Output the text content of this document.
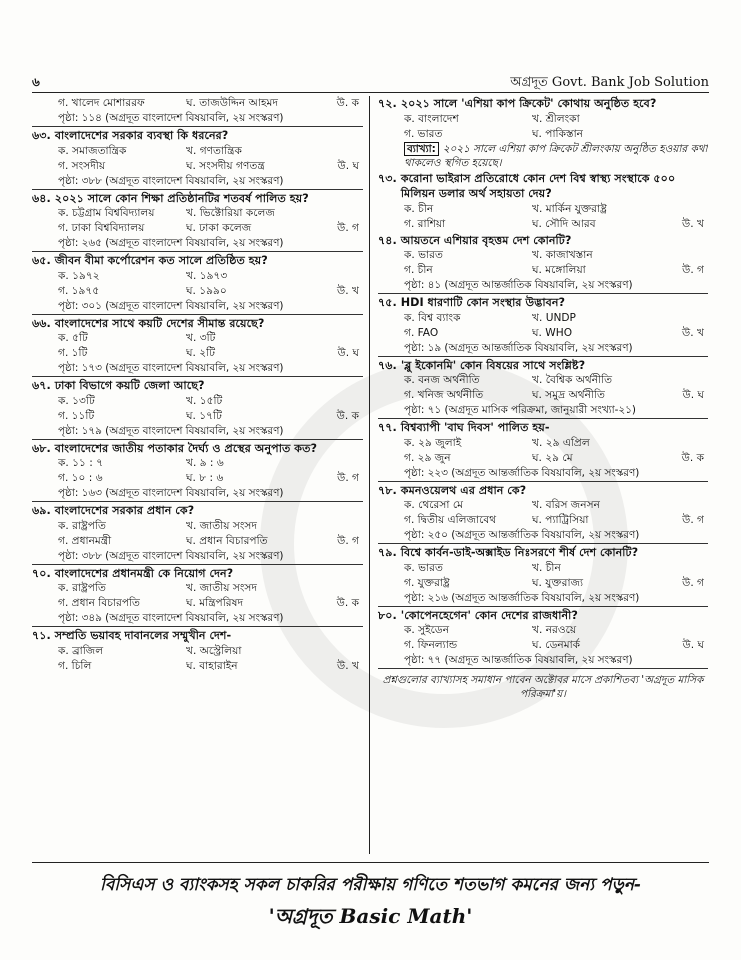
৬	অগ্রদূত Govt. Bank Job Solution
গ. খালেদ মোশাররফ	ঘ. তাজউদ্দিন আহমদ	উ. ক
পৃষ্ঠা: ১১৪ (অগ্রদূত বাংলাদেশ বিষয়াবলি, ২য় সংস্করণ)
৬৩. বাংলাদেশের সরকার ব্যবস্থা কি ধরনের?
ক. সমাজতান্ত্রিক	খ. গণতান্ত্রিক
গ. সংসদীয়	ঘ. সংসদীয় গণতন্ত্র	উ. ঘ
পৃষ্ঠা: ৩৮৮ (অগ্রদূত বাংলাদেশ বিষয়াবলি, ২য় সংস্করণ)
৬৪. ২০২১ সালে কোন শিক্ষা প্রতিষ্ঠানটির শতবর্ষ পালিত হয়?
ক. চট্টগ্রাম বিশ্ববিদ্যালয়	খ. ভিক্টোরিয়া কলেজ
গ. ঢাকা বিশ্ববিদ্যালয়	ঘ. ঢাকা কলেজ	উ. গ
পৃষ্ঠা: ২৬৫ (অগ্রদূত বাংলাদেশ বিষয়াবলি, ২য় সংস্করণ)
৬৫. জীবন বীমা কর্পোরেশন কত সালে প্রতিষ্ঠিত হয়?
ক. ১৯৭২	খ. ১৯৭৩
গ. ১৯৭৫	ঘ. ১৯৯০	উ. খ
পৃষ্ঠা: ৩০১ (অগ্রদূত বাংলাদেশ বিষয়াবলি, ২য় সংস্করণ)
৬৬. বাংলাদেশের সাথে কয়টি দেশের সীমান্ত রয়েছে?
ক. ৫টি	খ. ৩টি
গ. ১টি	ঘ. ২টি	উ. ঘ
পৃষ্ঠা: ১৭৩ (অগ্রদূত বাংলাদেশ বিষয়াবলি, ২য় সংস্করণ)
৬৭. ঢাকা বিভাগে কয়টি জেলা আছে?
ক. ১৩টি	খ. ১৫টি
গ. ১১টি	ঘ. ১৭টি	উ. ক
পৃষ্ঠা: ১৭৯ (অগ্রদূত বাংলাদেশ বিষয়াবলি, ২য় সংস্করণ)
৬৮. বাংলাদেশের জাতীয় পতাকার দৈর্ঘ্য ও প্রস্থের অনুপাত কত?
ক. ১১ : ৭	খ. ৯ : ৬
গ. ১০ : ৬	ঘ. ৮ : ৬	উ. গ
পৃষ্ঠা: ১৬৩ (অগ্রদূত বাংলাদেশ বিষয়াবলি, ২য় সংস্করণ)
৬৯. বাংলাদেশের সরকার প্রধান কে?
ক. রাষ্ট্রপতি	খ. জাতীয় সংসদ
গ. প্রধানমন্ত্রী	ঘ. প্রধান বিচারপতি	উ. গ
পৃষ্ঠা: ৩৮৮ (অগ্রদূত বাংলাদেশ বিষয়াবলি, ২য় সংস্করণ)
৭০. বাংলাদেশের প্রধানমন্ত্রী কে নিয়োগ দেন?
ক. রাষ্ট্রপতি	খ. জাতীয় সংসদ
গ. প্রধান বিচারপতি	ঘ. মন্ত্রিপরিষদ	উ. ক
পৃষ্ঠা: ৩৪৯ (অগ্রদূত বাংলাদেশ বিষয়াবলি, ২য় সংস্করণ)
৭১. সম্প্রতি ভয়াবহ দাবানলের সম্মুখীন দেশ-
ক. ব্রাজিল	খ. অস্ট্রেলিয়া
গ. চিলি	ঘ. বাহারাইন	উ. খ
৭২. ২০২১ সালে 'এশিয়া কাপ ক্রিকেট' কোথায় অনুষ্ঠিত হবে?
ক. বাংলাদেশ	খ. শ্রীলংকা
গ. ভারত	ঘ. পাকিস্তান
ব্যাখ্যা: ২০২১ সালে এশিয়া কাপ ক্রিকেট শ্রীলংকায় অনুষ্ঠিত হওয়ার কথা থাকলেও স্থগিত হয়েছে।
৭৩. করোনা ভাইরাস প্রতিরোধে কোন দেশ বিশ্ব স্বাস্থ্য সংস্থাকে ৫০০ মিলিয়ন ডলার অর্থ সহায়তা দেয়?
ক. চীন	খ. মার্কিন যুক্তরাষ্ট্র
গ. রাশিয়া	ঘ. সৌদি আরব	উ. খ
৭৪. আয়তনে এশিয়ার বৃহত্তম দেশ কোনটি?
ক. ভারত	খ. কাজাখস্তান
গ. চীন	ঘ. মঙ্গোলিয়া	উ. গ
পৃষ্ঠা: ৪১ (অগ্রদূত আন্তর্জাতিক বিষয়াবলি, ২য় সংস্করণ)
৭৫. HDI ধারণাটি কোন সংস্থার উদ্ভাবন?
ক. বিশ্ব ব্যাংক	খ. UNDP
গ. FAO	ঘ. WHO	উ. খ
পৃষ্ঠা: ১৯ (অগ্রদূত আন্তর্জাতিক বিষয়াবলি, ২য় সংস্করণ)
৭৬. 'ব্লু ইকোনমি' কোন বিষয়ের সাথে সংশ্লিষ্ট?
ক. বনজ অর্থনীতি	খ. বৈশ্বিক অর্থনীতি
গ. খনিজ অর্থনীতি	ঘ. সমুদ্র অর্থনীতি	উ. ঘ
পৃষ্ঠা: ৭১ (অগ্রদূত মাসিক পরিক্রমা, জানুয়ারী সংখ্যা-২১)
৭৭. বিশ্বব্যাপী 'বাঘ দিবস' পালিত হয়-
ক. ২৯ জুলাই	খ. ২৯ এপ্রিল
গ. ২৯ জুন	ঘ. ২৯ মে	উ. ক
পৃষ্ঠা: ২২৩ (অগ্রদূত আন্তর্জাতিক বিষয়াবলি, ২য় সংস্করণ)
৭৮. কমনওয়েলথ এর প্রধান কে?
ক. থেরেসা মে	খ. বরিস জনসন
গ. দ্বিতীয় এলিজাবেথ	ঘ. প্যাট্রিসিয়া	উ. গ
পৃষ্ঠা: ২৫০ (অগ্রদূত আন্তর্জাতিক বিষয়াবলি, ২য় সংস্করণ)
৭৯. বিশ্বে কার্বন-ডাই-অক্সাইড নিঃসরণে শীর্ষ দেশ কোনটি?
ক. ভারত	খ. চীন
গ. যুক্তরাষ্ট্র	ঘ. যুক্তরাজ্য	উ. গ
পৃষ্ঠা: ২১৬ (অগ্রদূত আন্তর্জাতিক বিষয়াবলি, ২য় সংস্করণ)
৮০. 'কোপেনহেগেন' কোন দেশের রাজধানী?
ক. সুইডেন	খ. নরওয়ে
গ. ফিনল্যান্ড	ঘ. ডেনমার্ক	উ. ঘ
পৃষ্ঠা: ৭৭ (অগ্রদূত আন্তর্জাতিক বিষয়াবলি, ২য় সংস্করণ)
প্রশ্নগুলোর ব্যাখ্যাসহ সমাধান পাবেন অক্টোবর মাসে প্রকাশিতব্য 'অগ্রদূত মাসিক পরিক্রমা'য়।
বিসিএস ও ব্যাংকসহ সকল চাকরির পরীক্ষায় গণিতে শতভাগ কমনের জন্য পড়ুন-
'অগ্রদূত Basic Math'
